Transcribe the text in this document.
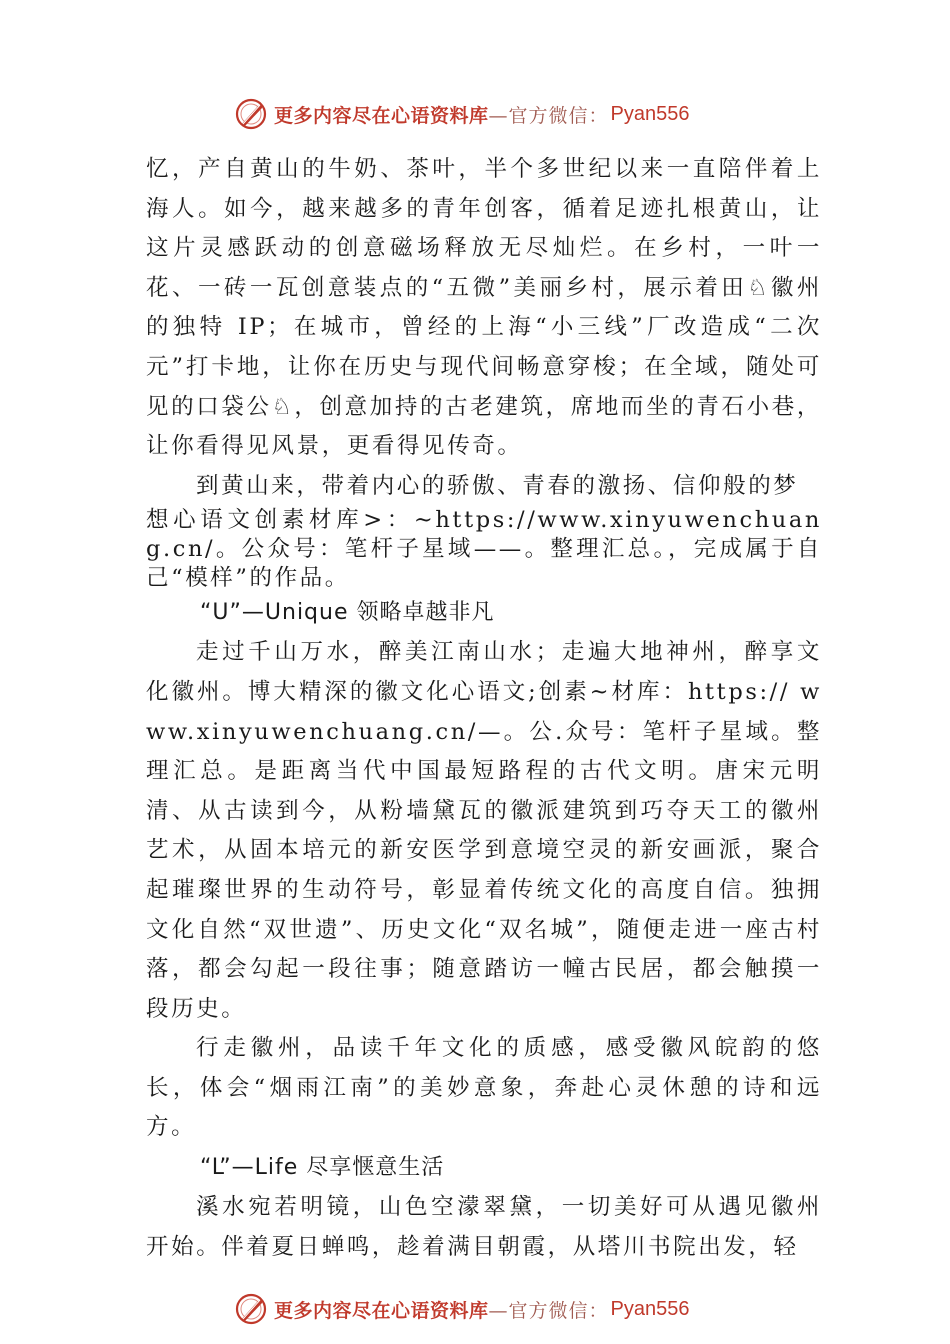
更多内容尽在心语资料库 —官方微信： Pyan556

忆，产自黄山的牛奶、茶叶，半个多世纪以来一直陪伴着上海人。如今，越来越多的青年创客，循着足迹扎根黄山，让这片灵感跃动的创意磁场释放无尽灿烂。在乡村，一叶一花、一砖一瓦创意装点的“五微”美丽乡村，展示着田♘徽州的独特 IP；在城市，曾经的上海“小三线”厂改造成“二次元”打卡地，让你在历史与现代间畅意穿梭；在全域，随处可见的口袋公♘，创意加持的古老建筑，席地而坐的青石小巷， 让你看得见风景，更看得见传奇。

到黄山来，带着内心的骄傲、青春的激扬、信仰般的梦

想心语文创素材库>：~https://www.xinyuwenchuang.cn/。公众号：笔杆子星域——。整理汇总。，完成属于自己“模样”的作品。

“U”—Unique 领略卓越非凡

走过千山万水，醉美江南山水；走遍大地神州，醉享文化徽州。博大精深的徽文化心语文;创素~材库：https:// www.xinyuwenchuang.cn/—。公.众号：笔杆子星域。整理汇总。是距离当代中国最短路程的古代文明。唐宋元明清、从古读到今，从粉墙黛瓦的徽派建筑到巧夺天工的徽州艺术，从固本培元的新安医学到意境空灵的新安画派，聚合起璀璨世界的生动符号，彰显着传统文化的高度自信。独拥文化自然“双世遗”、历史文化“双名城”，随便走进一座古村落，都会勾起一段往事；随意踏访一幢古民居，都会触摸一段历史。

行走徽州，品读千年文化的质感，感受徽风皖韵的悠长，体会“烟雨江南”的美妙意象，奔赴心灵休憩的诗和远方。

“L”—Life 尽享惬意生活

溪水宛若明镜，山色空濛翠黛，一切美好可从遇见徽州开始。伴着夏日蝉鸣，趁着满目朝霞，从塔川书院出发，轻

更多内容尽在心语资料库 —官方微信： Pyan556
